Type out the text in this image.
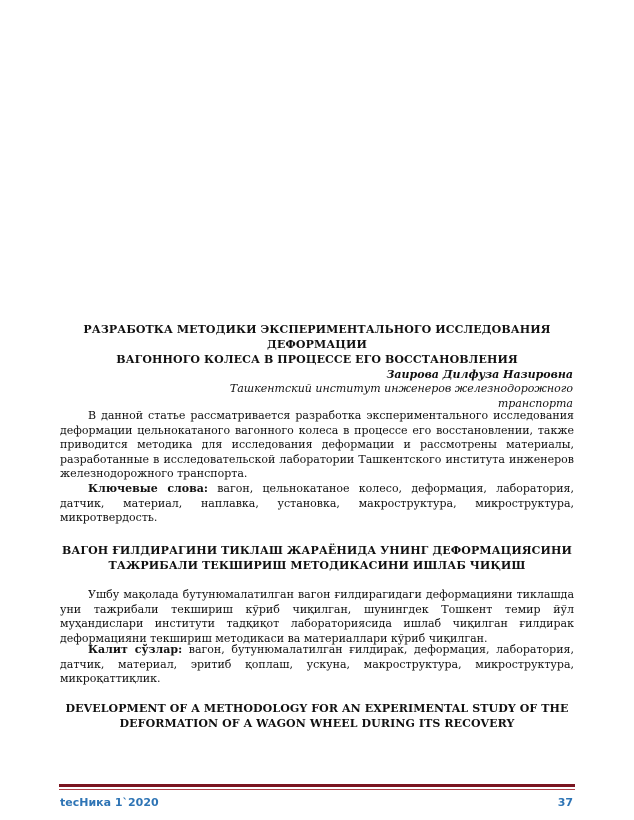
РАЗРАБОТКА МЕТОДИКИ ЭКСПЕРИМЕНТАЛЬНОГО ИССЛЕДОВАНИЯ ДЕФОРМАЦИИ
ВАГОННОГО КОЛЕСА В ПРОЦЕССЕ ЕГО ВОССТАНОВЛЕНИЯ
Заирова Дилфуза Назировна
Ташкентский институт инженеров железнодорожного транспорта
В данной статье рассматривается разработка экспериментального исследования деформации цельнокатаного вагонного колеса в процессе его восстановлении, также приводится методика для исследования деформации и рассмотрены материалы, разработанные в исследовательской лаборатории Ташкентского института инженеров железнодорожного транспорта.
Ключевые слова: вагон, цельнокатаное колесо, деформация, лаборатория, датчик, материал, наплавка, установка, макроструктура, микроструктура, микротвердость.
ВАГОН ҒИЛДИРАГИНИ ТИКЛАШ ЖАРАЁНИДА УНИНГ ДЕФОРМАЦИЯСИНИ
ТАЖРИБАЛИ ТЕКШИРИШ МЕТОДИКАСИНИ ИШЛАБ ЧИҚИШ
Ушбу мақолада бутунюмалатилган вагон ғилдирагидаги деформацияни тиклашда уни тажрибали текшириш кўриб чиқилган, шунингдек Тошкент темир йўл муҳандислари институти тадқиқот лабораториясида ишлаб чиқилган ғилдирак деформацияни текшириш методикаси ва материаллари кўриб чиқилган.
Калит сўзлар: вагон, бутунюмалатилган ғилдирак, деформация, лаборатория, датчик, материал, эритиб қоплаш, ускуна, макроструктура, микроструктура, микроқаттиқлик.
DEVELOPMENT OF A METHODOLOGY FOR AN EXPERIMENTAL STUDY OF THE
DEFORMATION OF A WAGON WHEEL DURING ITS RECOVERY
tecНика 1`2020	37
